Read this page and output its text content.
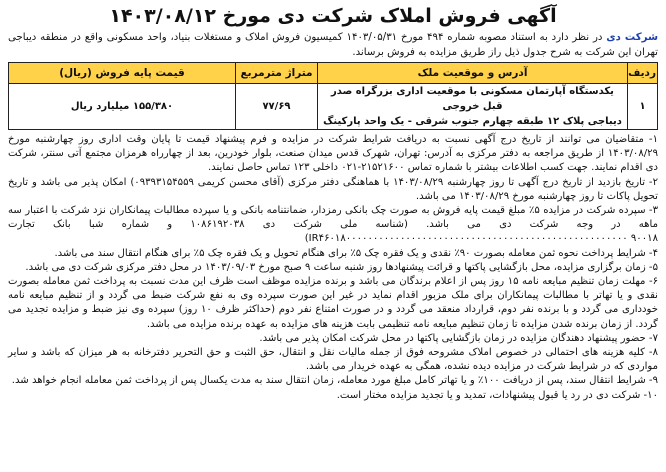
آگهی فروش املاک شرکت دی مورخ ۱۴۰۳/۰۸/۱۲

شرکت دی در نظر دارد به استناد مصوبه شماره ۴۹۴ مورخ ۱۴۰۳/۰۵/۳۱ کمیسیون فروش املاک و مستغلات بنیاد، واحد مسکونی واقع در منطقه دیباجی تهران این شرکت به شرح جدول ذیل راز طریق مزایده به فروش برساند.

ردیف	آدرس و موقعیت ملک	متراژ مترمربع	قیمت پایه فروش (ریال)
۱	یکدستگاه آپارتمان مسکونی با موقعیت اداری بزرگراه صدر قبل خروجی
دیباجی پلاک ۱۲ طبقه چهارم جنوب شرقی - یک واحد پارکینگ	۷۷/۶۹	۱۵۵/۳۸۰ میلیارد ریال
۱- متقاضیان می توانند از تاریخ درج آگهی نسبت به دریافت شرایط شرکت در مزایده و فرم پیشنهاد قیمت تا پایان وقت اداری روز چهارشنبه مورخ ۱۴۰۳/۰۸/۲۹ از طریق مراجعه به دفتر مرکزی به آدرس: تهران، شهرک قدس میدان صنعت، بلوار خودرین، بعد از چهارراه هرمزان مجتمع آتی سنتر، شرکت دی اقدام نمایند. جهت کسب اطلاعات بیشتر با شماره تماس ۲۱۵۲۱۶۰۰-۰۲۱ داخلی ۱۲۳ تماس حاصل نمایند.
۲- تاریخ بازدید از تاریخ درج آگهی تا روز چهارشنبه ۱۴۰۳/۰۸/۲۹ با هماهنگی دفتر مرکزی (آقای محسن کریمی ۰۹۳۹۳۱۵۴۵۵۹) امکان پذیر می باشد و تاریخ تحویل پاکات تا روز چهارشنبه مورخ ۱۴۰۳/۰۸/۲۹ می باشد.
۳- سپرده شرکت در مزایده ۵٪ مبلغ قیمت پایه فروش به صورت چک بانکی رمزدار، ضمانتنامه بانکی و یا سپرده مطالبات پیمانکاران نزد شرکت با اعتبار سه ماهه در وجه شرکت دی می باشد. (شناسه ملی شرکت دی ۱۰۸۶۱۹۲۰۳۸ و شماره شبا بانک تجارت IR۴۶۰۱۸۰۰۰۰۰۰۰۰۰۰۰۰۰۰۰۰۰۰۰۰۰۰۰۰۰۰۰۰۰۰۰۰۰۰۰۰۰۰۰۰۰۰۰۰۰۰۰۰۰۰۰۰ ۹۰۰۱۸)
۴- شرایط پرداخت نحوه ثمن معامله بصورت ۹۰٪ نقدی و یک فقره چک ۵٪ برای هنگام تحویل و یک فقره چک ۵٪ برای هنگام انتقال سند می باشد.
۵- زمان برگزاری مزایده، محل بازگشایی پاکتها و قرائت پیشنهادها روز شنبه ساعت ۹ صبح مورخ ۱۴۰۳/۰۹/۰۳ در محل دفتر مرکزی شرکت دی می باشد.
۶- مهلت زمان تنظیم مبایعه نامه ۱۵ روز پس از اعلام برندگان می باشد و برنده مزایده موظف است ظرف این مدت نسبت به پرداخت ثمن معامله بصورت نقدی و یا تهاتر با مطالبات پیمانکاران برای ملک مزبور اقدام نماید در غیر این صورت سپرده وی به نفع شرکت ضبط می گردد و از تنظیم مبایعه نامه خودداری می گردد و با برنده نفر دوم، قرارداد منعقد می گردد و در صورت امتناع نفر دوم (حداکثر ظرف ۱۰ روز) سپرده وی نیز ضبط و مزایده تجدید می گردد. از زمان برنده شدن مزایده تا زمان تنظیم مبایعه نامه تنظیمی بابت هزینه های مزایده به عهده برنده مزایده می باشد.
۷- حضور پیشنهاد دهندگان مزایده در زمان بازگشایی پاکتها در محل شرکت امکان پذیر می باشد.
۸- کلیه هزینه های احتمالی در خصوص املاک مشروحه فوق از جمله مالیات نقل و انتقال، حق الثبت و حق التحریر دفترخانه به هر میزان که باشد و سایر مواردی که در شرایط شرکت در مزایده دیده نشده، همگی به عهده خریدار می باشد.
۹- شرایط انتقال سند، پس از دریافت ۱۰۰٪ و یا تهاتر کامل مبلغ مورد معامله، زمان انتقال سند به مدت یکسال پس از پرداخت ثمن معامله انجام خواهد شد.
۱۰- شرکت دی در رد یا قبول پیشنهادات، تمدید و یا تجدید مزایده مختار است.
